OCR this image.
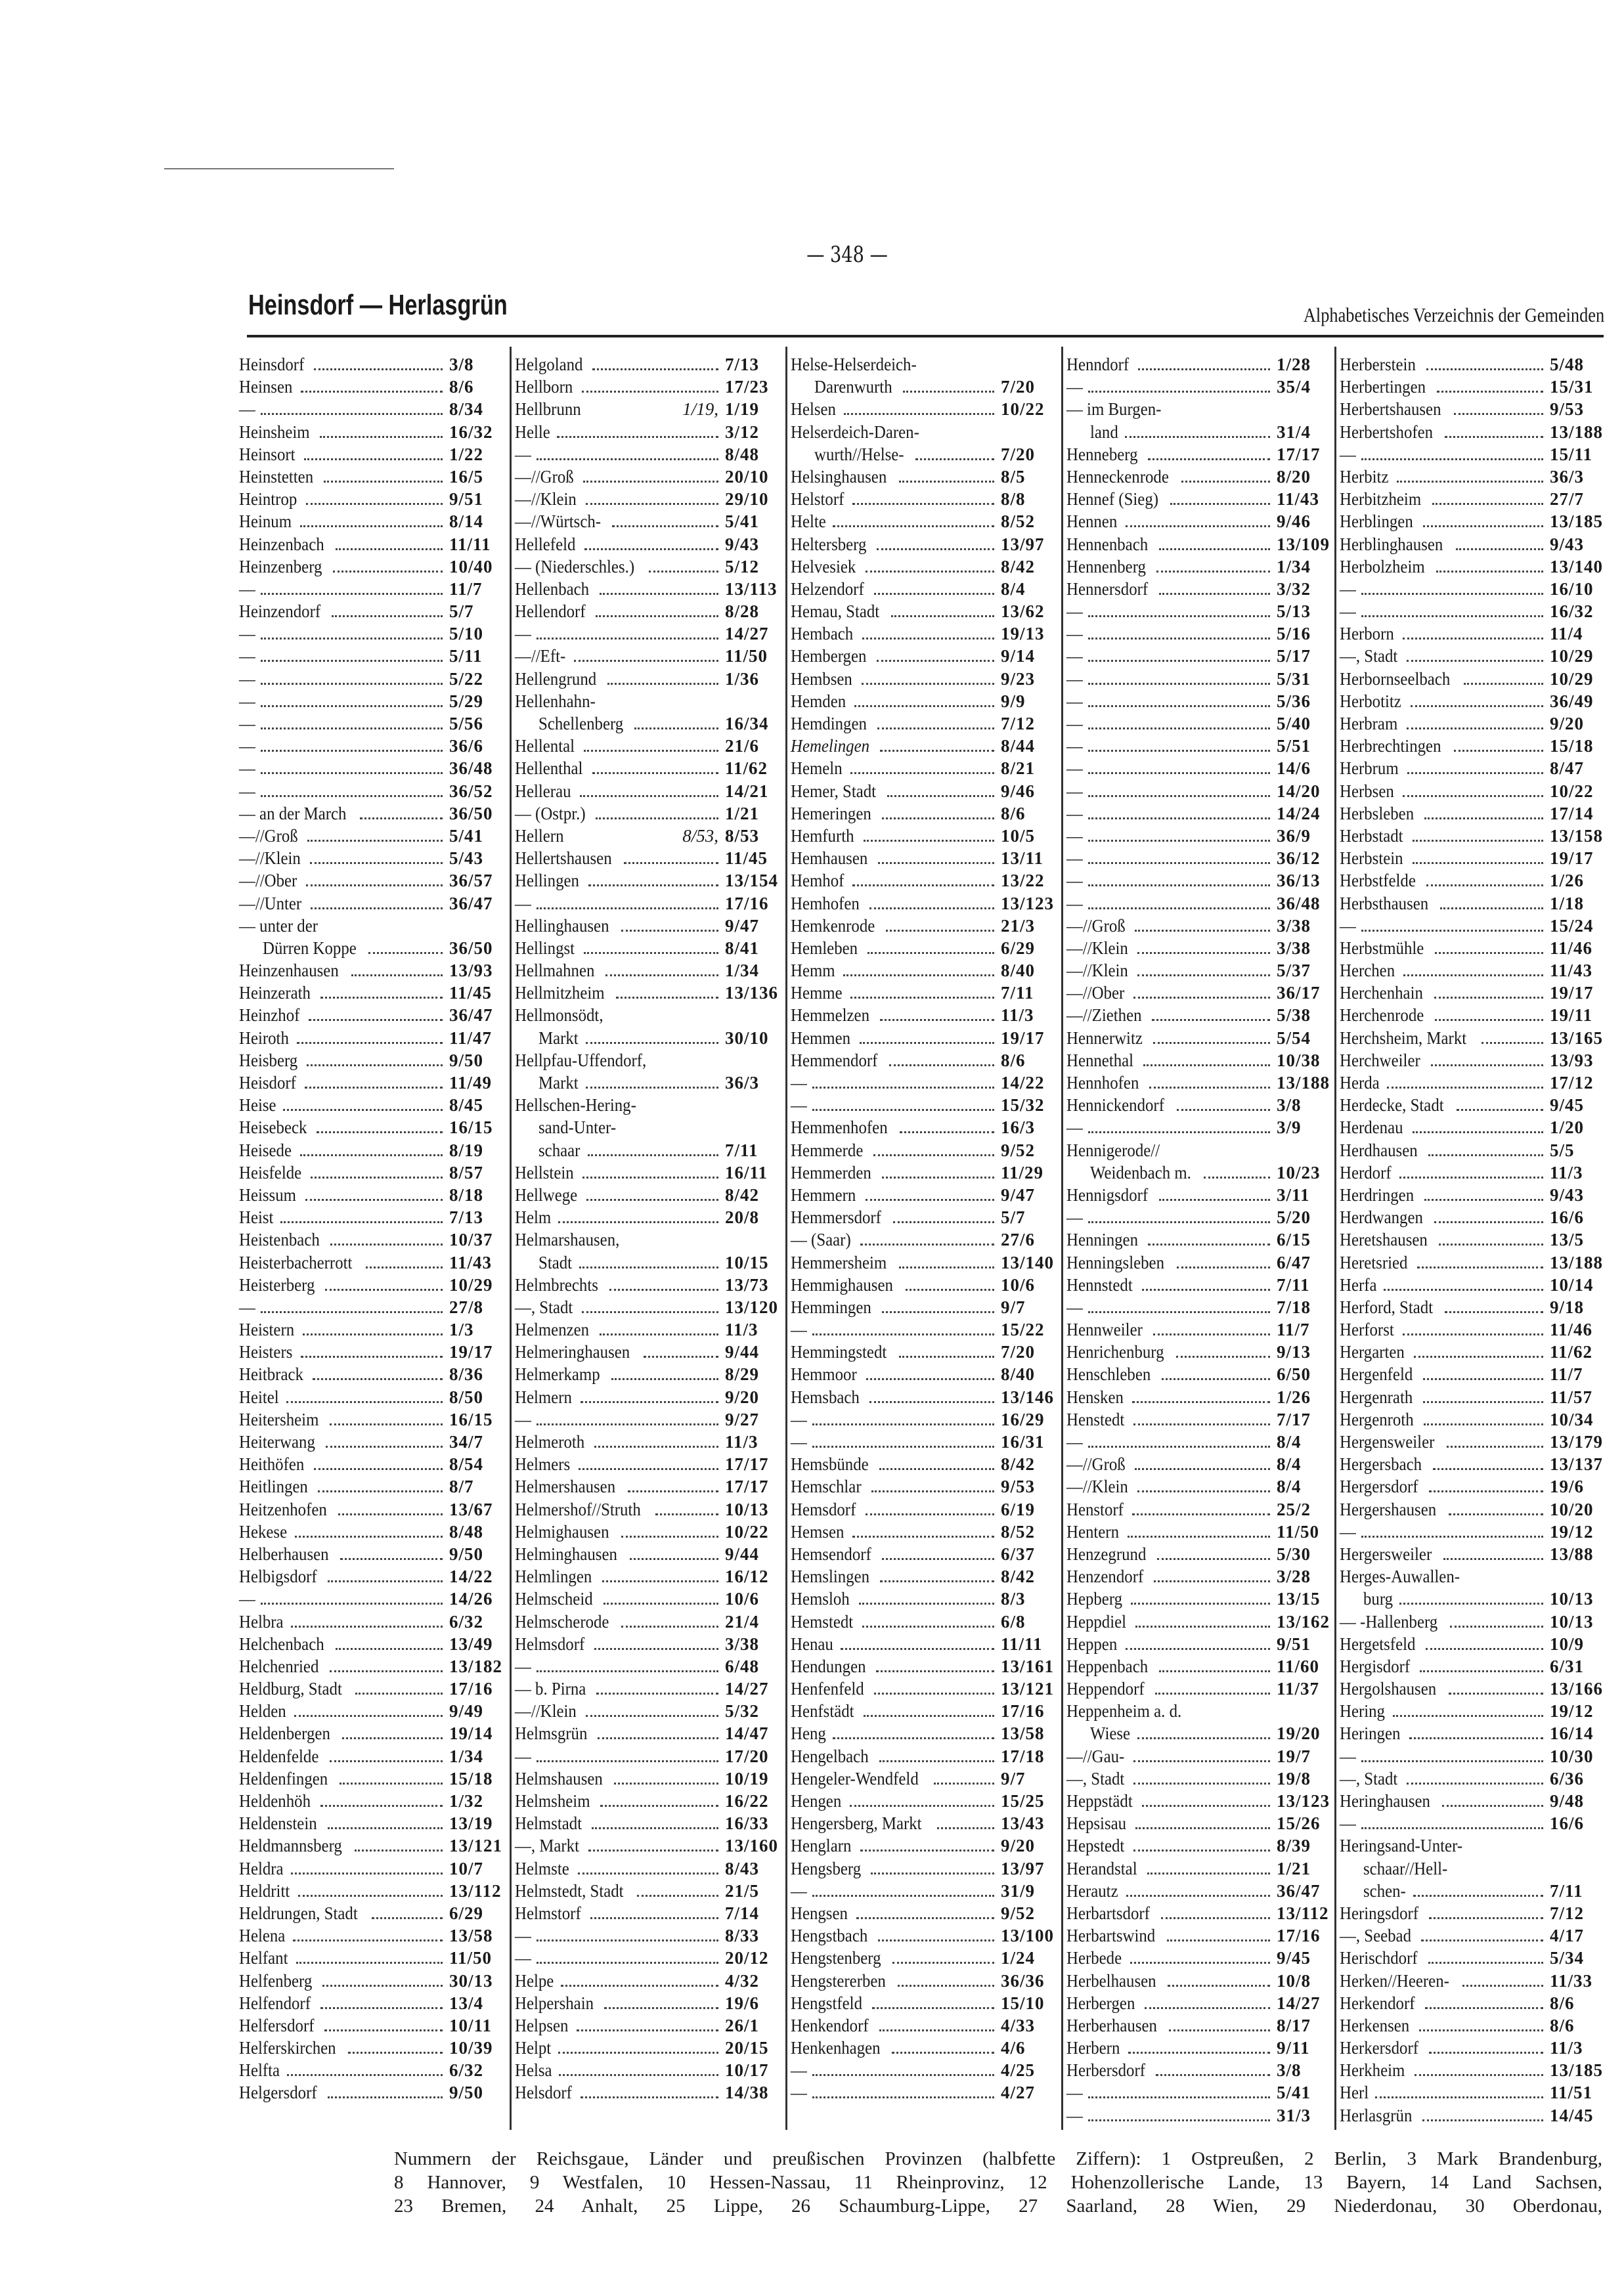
— 348 —
Heinsdorf — Herlasgrün	Alphabetisches Verzeichnis der Gemeinden
Heinsdorf	3/8
Heinsen	8/6
—	8/34
Heinsheim	16/32
Heinsort	1/22
Heinstetten	16/5
Heintrop	9/51
Heinum	8/14
Heinzenbach	11/11
Heinzenberg	10/40
—	11/7
Heinzendorf	5/7
—	5/10
—	5/11
—	5/22
—	5/29
—	5/56
—	36/6
—	36/48
—	36/52
— an der March	36/50
—//Groß	5/41
—//Klein	5/43
—//Ober	36/57
—//Unter	36/47
— unter der
Dürren Koppe	36/50
Heinzenhausen	13/93
Heinzerath	11/45
Heinzhof	36/47
Heiroth	11/47
Heisberg	9/50
Heisdorf	11/49
Heise	8/45
Heisebeck	16/15
Heisede	8/19
Heisfelde	8/57
Heissum	8/18
Heist	7/13
Heistenbach	10/37
Heisterbacherrott	11/43
Heisterberg	10/29
—	27/8
Heistern	1/3
Heisters	19/17
Heitbrack	8/36
Heitel	8/50
Heitersheim	16/15
Heiterwang	34/7
Heithöfen	8/54
Heitlingen	8/7
Heitzenhofen	13/67
Hekese	8/48
Helberhausen	9/50
Helbigsdorf	14/22
—	14/26
Helbra	6/32
Helchenbach	13/49
Helchenried	13/182
Heldburg, Stadt	17/16
Helden	9/49
Heldenbergen	19/14
Heldenfelde	1/34
Heldenfingen	15/18
Heldenhöh	1/32
Heldenstein	13/19
Heldmannsberg	13/121
Heldra	10/7
Heldritt	13/112
Heldrungen, Stadt	6/29
Helena	13/58
Helfant	11/50
Helfenberg	30/13
Helfendorf	13/4
Helfersdorf	10/11
Helferskirchen	10/39
Helfta	6/32
Helgersdorf	9/50
Helgoland	7/13
Hellborn	17/23
Hellbrunn	1/19, 1/19
Helle	3/12
—	8/48
—//Groß	20/10
—//Klein	29/10
—//Würtsch-	5/41
Hellefeld	9/43
— (Niederschles.)	5/12
Hellenbach	13/113
Hellendorf	8/28
—	14/27
—//Eft-	11/50
Hellengrund	1/36
Hellenhahn-
Schellenberg	16/34
Hellental	21/6
Hellenthal	11/62
Hellerau	14/21
— (Ostpr.)	1/21
Hellern	8/53, 8/53
Hellertshausen	11/45
Hellingen	13/154
—	17/16
Hellinghausen	9/47
Hellingst	8/41
Hellmahnen	1/34
Hellmitzheim	13/136
Hellmonsödt,
Markt	30/10
Hellpfau-Uffendorf,
Markt	36/3
Hellschen-Hering-
sand-Unter-
schaar	7/11
Hellstein	16/11
Hellwege	8/42
Helm	20/8
Helmarshausen,
Stadt	10/15
Helmbrechts	13/73
—, Stadt	13/120
Helmenzen	11/3
Helmeringhausen	9/44
Helmerkamp	8/29
Helmern	9/20
—	9/27
Helmeroth	11/3
Helmers	17/17
Helmershausen	17/17
Helmershof//Struth	10/13
Helmighausen	10/22
Helminghausen	9/44
Helmlingen	16/12
Helmscheid	10/6
Helmscherode	21/4
Helmsdorf	3/38
—	6/48
— b. Pirna	14/27
—//Klein	5/32
Helmsgrün	14/47
—	17/20
Helmshausen	10/19
Helmsheim	16/22
Helmstadt	16/33
—, Markt	13/160
Helmste	8/43
Helmstedt, Stadt	21/5
Helmstorf	7/14
—	8/33
—	20/12
Helpe	4/32
Helpershain	19/6
Helpsen	26/1
Helpt	20/15
Helsa	10/17
Helsdorf	14/38
Helse-Helserdeich-
Darenwurth	7/20
Helsen	10/22
Helserdeich-Daren-
wurth//Helse-	7/20
Helsinghausen	8/5
Helstorf	8/8
Helte	8/52
Heltersberg	13/97
Helvesiek	8/42
Helzendorf	8/4
Hemau, Stadt	13/62
Hembach	19/13
Hembergen	9/14
Hembsen	9/23
Hemden	9/9
Hemdingen	7/12
Hemelingen	8/44
Hemeln	8/21
Hemer, Stadt	9/46
Hemeringen	8/6
Hemfurth	10/5
Hemhausen	13/11
Hemhof	13/22
Hemhofen	13/123
Hemkenrode	21/3
Hemleben	6/29
Hemm	8/40
Hemme	7/11
Hemmelzen	11/3
Hemmen	19/17
Hemmendorf	8/6
—	14/22
—	15/32
Hemmenhofen	16/3
Hemmerde	9/52
Hemmerden	11/29
Hemmern	9/47
Hemmersdorf	5/7
— (Saar)	27/6
Hemmersheim	13/140
Hemmighausen	10/6
Hemmingen	9/7
—	15/22
Hemmingstedt	7/20
Hemmoor	8/40
Hemsbach	13/146
—	16/29
—	16/31
Hemsbünde	8/42
Hemschlar	9/53
Hemsdorf	6/19
Hemsen	8/52
Hemsendorf	6/37
Hemslingen	8/42
Hemsloh	8/3
Hemstedt	6/8
Henau	11/11
Hendungen	13/161
Henfenfeld	13/121
Henfstädt	17/16
Heng	13/58
Hengelbach	17/18
Hengeler-Wendfeld	9/7
Hengen	15/25
Hengersberg, Markt	13/43
Henglarn	9/20
Hengsberg	13/97
—	31/9
Hengsen	9/52
Hengstbach	13/100
Hengstenberg	1/24
Hengstererben	36/36
Hengstfeld	15/10
Henkendorf	4/33
Henkenhagen	4/6
—	4/25
—	4/27
Henndorf	1/28
—	35/4
— im Burgen-
land	31/4
Henneberg	17/17
Henneckenrode	8/20
Hennef (Sieg)	11/43
Hennen	9/46
Hennenbach	13/109
Hennenberg	1/34
Hennersdorf	3/32
—	5/13
—	5/16
—	5/17
—	5/31
—	5/36
—	5/40
—	5/51
—	14/6
—	14/20
—	14/24
—	36/9
—	36/12
—	36/13
—	36/48
—//Groß	3/38
—//Klein	3/38
—//Klein	5/37
—//Ober	36/17
—//Ziethen	5/38
Hennerwitz	5/54
Hennethal	10/38
Hennhofen	13/188
Hennickendorf	3/8
—	3/9
Hennigerode//
Weidenbach m.	10/23
Hennigsdorf	3/11
—	5/20
Henningen	6/15
Henningsleben	6/47
Hennstedt	7/11
—	7/18
Hennweiler	11/7
Henrichenburg	9/13
Henschleben	6/50
Hensken	1/26
Henstedt	7/17
—	8/4
—//Groß	8/4
—//Klein	8/4
Henstorf	25/2
Hentern	11/50
Henzegrund	5/30
Henzendorf	3/28
Hepberg	13/15
Heppdiel	13/162
Heppen	9/51
Heppenbach	11/60
Heppendorf	11/37
Heppenheim a. d.
Wiese	19/20
—//Gau-	19/7
—, Stadt	19/8
Heppstädt	13/123
Hepsisau	15/26
Hepstedt	8/39
Herandstal	1/21
Herautz	36/47
Herbartsdorf	13/112
Herbartswind	17/16
Herbede	9/45
Herbelhausen	10/8
Herbergen	14/27
Herberhausen	8/17
Herbern	9/11
Herbersdorf	3/8
—	5/41
—	31/3
Herberstein	5/48
Herbertingen	15/31
Herbertshausen	9/53
Herbertshofen	13/188
—	15/11
Herbitz	36/3
Herbitzheim	27/7
Herblingen	13/185
Herblinghausen	9/43
Herbolzheim	13/140
—	16/10
—	16/32
Herborn	11/4
—, Stadt	10/29
Herbornseelbach	10/29
Herbotitz	36/49
Herbram	9/20
Herbrechtingen	15/18
Herbrum	8/47
Herbsen	10/22
Herbsleben	17/14
Herbstadt	13/158
Herbstein	19/17
Herbstfelde	1/26
Herbsthausen	1/18
—	15/24
Herbstmühle	11/46
Herchen	11/43
Herchenhain	19/17
Herchenrode	19/11
Herchsheim, Markt	13/165
Herchweiler	13/93
Herda	17/12
Herdecke, Stadt	9/45
Herdenau	1/20
Herdhausen	5/5
Herdorf	11/3
Herdringen	9/43
Herdwangen	16/6
Heretshausen	13/5
Heretsried	13/188
Herfa	10/14
Herford, Stadt	9/18
Herforst	11/46
Hergarten	11/62
Hergenfeld	11/7
Hergenrath	11/57
Hergenroth	10/34
Hergensweiler	13/179
Hergersbach	13/137
Hergersdorf	19/6
Hergershausen	10/20
—	19/12
Hergersweiler	13/88
Herges-Auwallen-
burg	10/13
— -Hallenberg	10/13
Hergetsfeld	10/9
Hergisdorf	6/31
Hergolshausen	13/166
Hering	19/12
Heringen	16/14
—	10/30
—, Stadt	6/36
Heringhausen	9/48
—	16/6
Heringsand-Unter-
schaar//Hell-
schen-	7/11
Heringsdorf	7/12
—, Seebad	4/17
Herischdorf	5/34
Herken//Heeren-	11/33
Herkendorf	8/6
Herkensen	8/6
Herkersdorf	11/3
Herkheim	13/185
Herl	11/51
Herlasgrün	14/45
Nummern der Reichsgaue, Länder und preußischen Provinzen (halbfette Ziffern): 1 Ostpreußen, 2 Berlin, 3 Mark Brandenburg,
8 Hannover, 9 Westfalen, 10 Hessen-Nassau, 11 Rheinprovinz, 12 Hohenzollerische Lande, 13 Bayern, 14 Land Sachsen,
23 Bremen, 24 Anhalt, 25 Lippe, 26 Schaumburg-Lippe, 27 Saarland, 28 Wien, 29 Niederdonau, 30 Oberdonau,
